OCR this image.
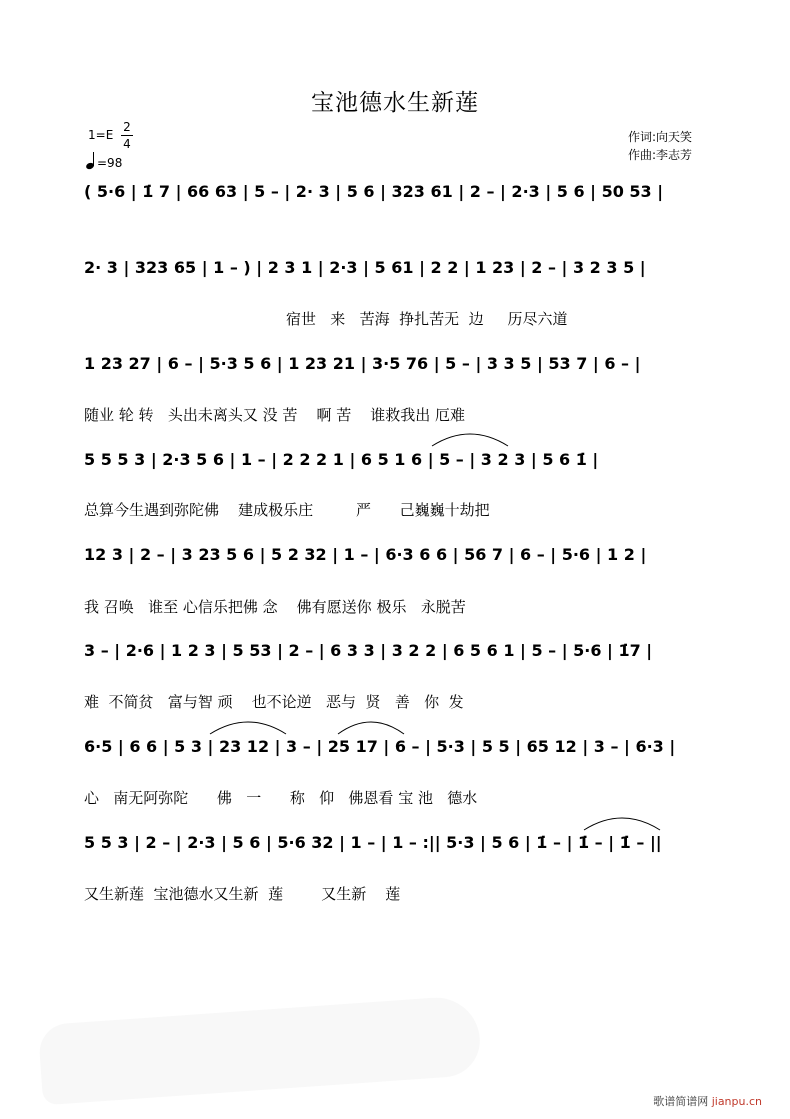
宝池德水生新莲
1=E
2
4
=98
作词:向天笑
作曲:李志芳
( 5·6 | 1̇ 7 | 66 63 | 5 – | 2· 3 | 5 6 | 323 61 | 2 – | 2·3 | 5 6 | 50 53 |
2· 3 | 323 65 | 1 – ) | 2 3 1 | 2·3 | 5 61 | 2 2 | 1 23 | 2 – | 3 2 3 5 |
宿世   来   苦海  挣扎苦无  边     历尽六道
1 23 27 | 6 – | 5·3 5 6 | 1 23 21 | 3·5 76 | 5 – | 3 3 5 | 53 7 | 6 – |
随业 轮 转   头出未离头又 没 苦    啊 苦    谁救我出 厄难
5 5 5 3 | 2·3 5 6 | 1 – | 2 2 2 1 | 6 5 1 6 | 5 – | 3 2 3 | 5 6 1̇ |
总算今生遇到弥陀佛    建成极乐庄         严      己巍巍十劫把
12 3 | 2 – | 3 23 5 6 | 5 2 32 | 1 – | 6·3 6 6 | 56 7 | 6 – | 5·6 | 1 2 |
我 召唤   谁至 心信乐把佛 念    佛有愿送你 极乐   永脱苦
3 – | 2·6 | 1 2 3 | 5 53 | 2 – | 6 3 3 | 3 2 2 | 6 5 6 1 | 5 – | 5·6 | 1̇7 |
难  不简贫   富与智 顽    也不论逆   恶与  贤   善   你  发
6·5 | 6 6 | 5 3 | 23 12 | 3 – | 25 17 | 6 – | 5·3 | 5 5 | 65 12 | 3 – | 6·3 |
心   南无阿弥陀      佛   一      称   仰   佛恩看 宝 池   德水
5 5 3 | 2 – | 2·3 | 5 6 | 5·6 32 | 1 – | 1 – :|| 5·3 | 5 6 | 1̇ – | 1̇ – | 1̇ – ||
又生新莲  宝池德水又生新  莲        又生新    莲
歌谱简谱网 jianpu.cn
